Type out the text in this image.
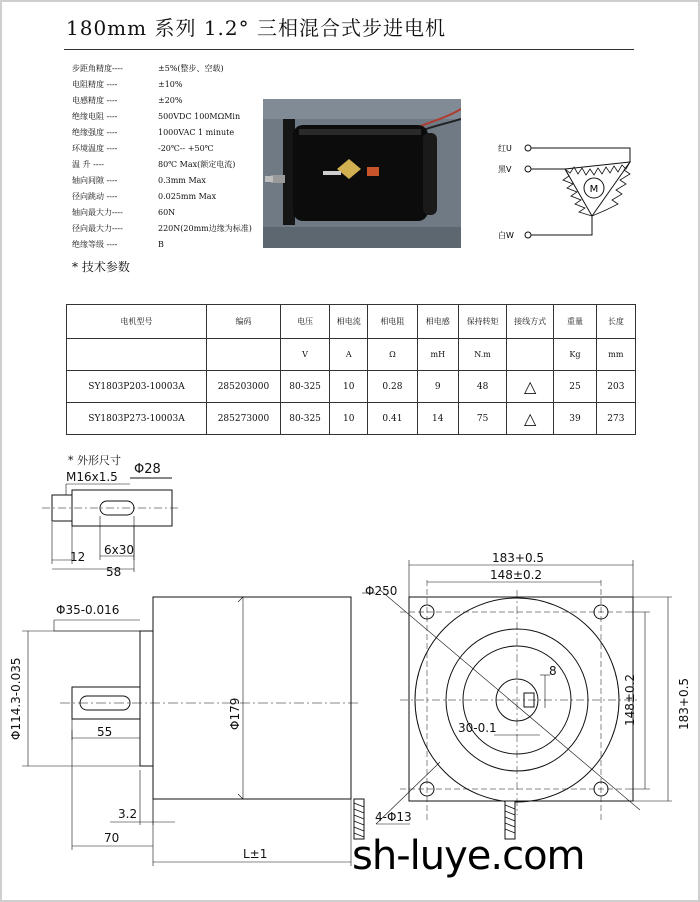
180mm 系列 1.2° 三相混合式步进电机
步距角精度----	±5%(整步、空载)
电阻精度 ----	±10%
电感精度 ----	±20%
绝缘电阻 ----	500VDC 100MΩMin
绝缘强度 ----	1000VAC 1 minute
环境温度 ----	-20℃-- +50℃
温 升 ----	80℃ Max(额定电流)
轴向间隙 ----	0.3mm Max
径向跳动 ----	0.025mm Max
轴向最大力----	60N
径向最大力----	220N(20mm边缘为标准)
绝缘等级 ----	B
* 技术参数
红U
黑V
白W
M
电机型号	编码	电压	相电流	相电阻	相电感	保持转矩	接线方式	重量	长度
		V	A	Ω	mH	N.m		Kg	mm
SY1803P203-10003A	285203000	80-325	10	0.28	9	48	△	25	203
SY1803P273-10003A	285273000	80-325	10	0.41	14	75	△	39	273
* 外形尺寸
Φ28
M16x1.5
12 6x30
58
Φ35-0.016
Φ114.3-0.035	55
Φ179
3.2
70
L±1
Φ250
183+0.5
148±0.2
8
30-0.1
4-Φ13
148±0.2	183+0.5
sh-luye.com
